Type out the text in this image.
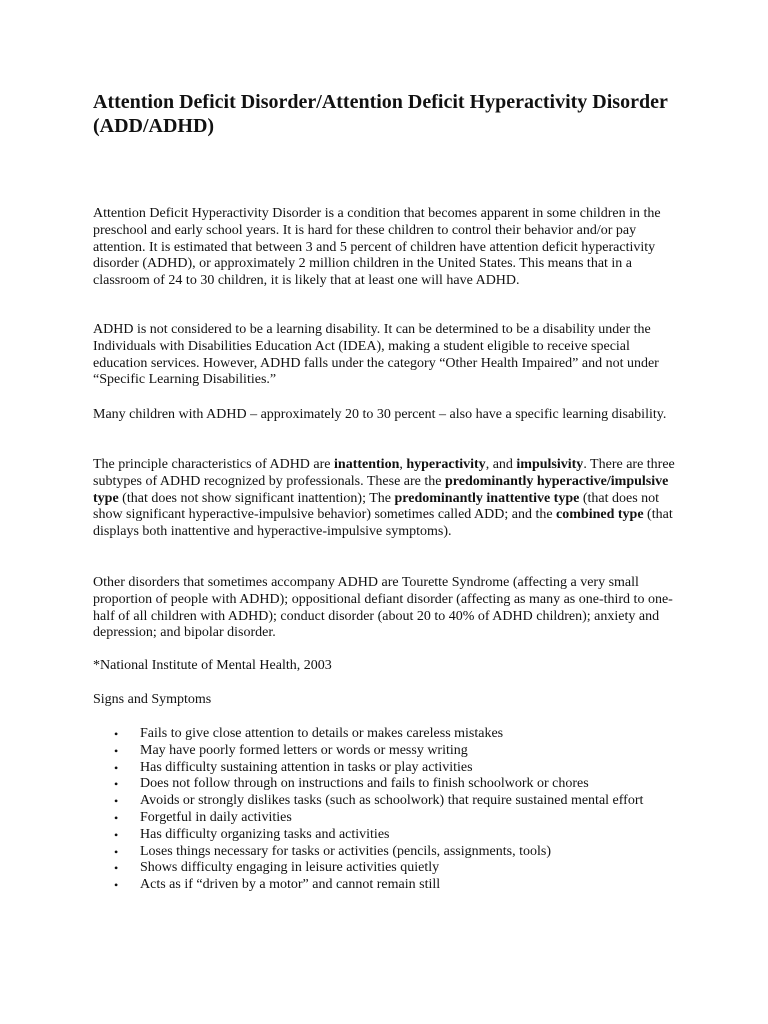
Attention Deficit Disorder/Attention Deficit Hyperactivity Disorder (ADD/ADHD)

Attention Deficit Hyperactivity Disorder is a condition that becomes apparent in some children in the preschool and early school years. It is hard for these children to control their behavior and/or pay attention. It is estimated that between 3 and 5 percent of children have attention deficit hyperactivity disorder (ADHD), or approximately 2 million children in the United States. This means that in a classroom of 24 to 30 children, it is likely that at least one will have ADHD.

ADHD is not considered to be a learning disability. It can be determined to be a disability under the Individuals with Disabilities Education Act (IDEA), making a student eligible to receive special education services. However, ADHD falls under the category “Other Health Impaired” and not under “Specific Learning Disabilities.”

Many children with ADHD – approximately 20 to 30 percent – also have a specific learning disability.

The principle characteristics of ADHD are inattention, hyperactivity, and impulsivity. There are three subtypes of ADHD recognized by professionals. These are the predominantly hyperactive/impulsive type (that does not show significant inattention); The predominantly inattentive type (that does not show significant hyperactive-impulsive behavior) sometimes called ADD; and the combined type (that displays both inattentive and hyperactive-impulsive symptoms).

Other disorders that sometimes accompany ADHD are Tourette Syndrome (affecting a very small proportion of people with ADHD); oppositional defiant disorder (affecting as many as one-third to one-half of all children with ADHD); conduct disorder (about 20 to 40% of ADHD children); anxiety and depression; and bipolar disorder.

*National Institute of Mental Health, 2003

Signs and Symptoms

• Fails to give close attention to details or makes careless mistakes
• May have poorly formed letters or words or messy writing
• Has difficulty sustaining attention in tasks or play activities
• Does not follow through on instructions and fails to finish schoolwork or chores
• Avoids or strongly dislikes tasks (such as schoolwork) that require sustained mental effort
• Forgetful in daily activities
• Has difficulty organizing tasks and activities
• Loses things necessary for tasks or activities (pencils, assignments, tools)
• Shows difficulty engaging in leisure activities quietly
• Acts as if “driven by a motor” and cannot remain still
